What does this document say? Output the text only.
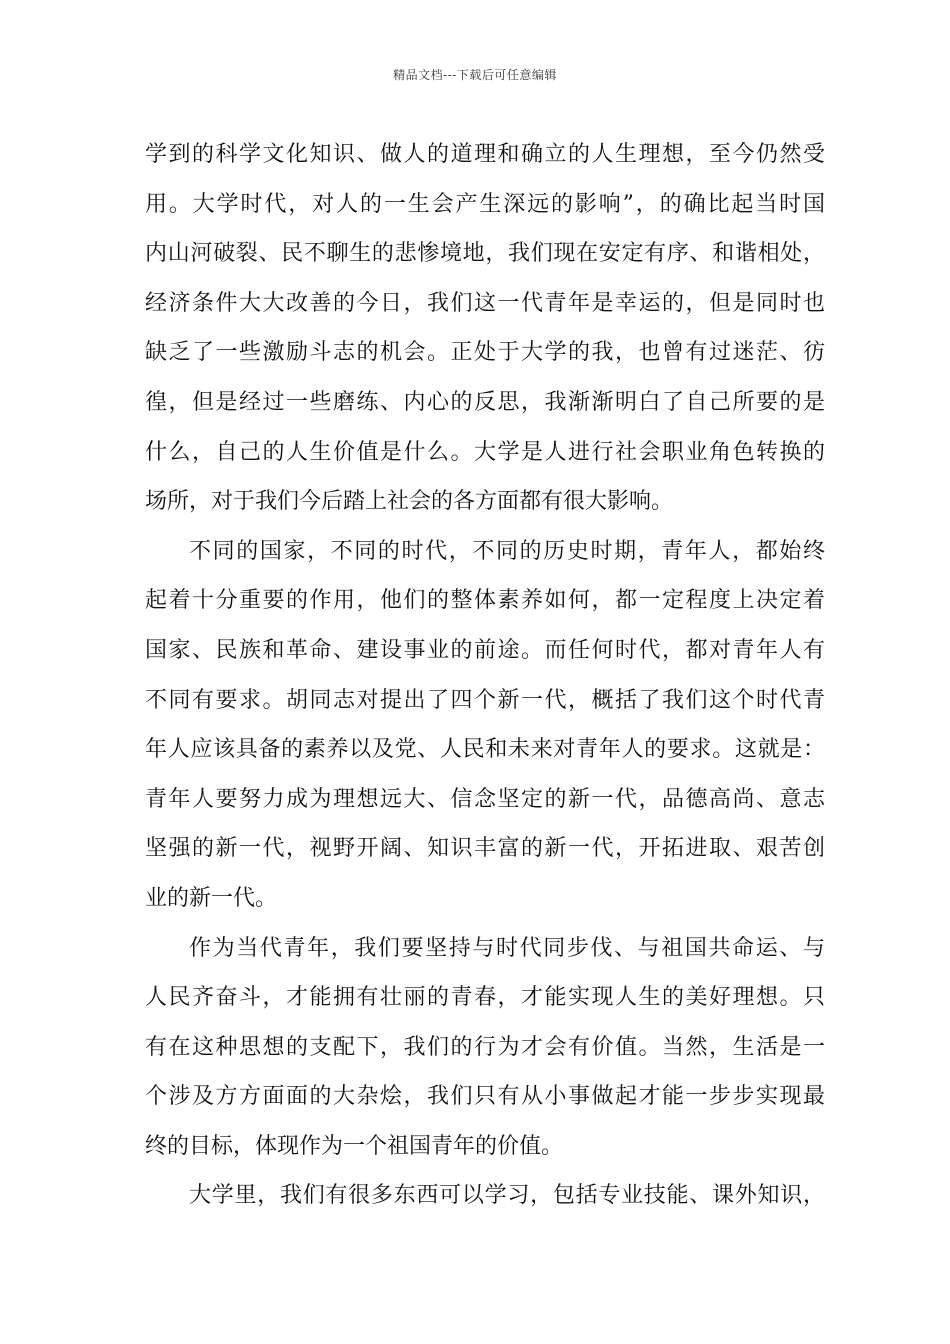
精品文档---下载后可任意编辑
学到的科学文化知识、做人的道理和确立的人生理想，至今仍然受
用。大学时代，对人的一生会产生深远的影响”，的确比起当时国
内山河破裂、民不聊生的悲惨境地，我们现在安定有序、和谐相处，
经济条件大大改善的今日，我们这一代青年是幸运的，但是同时也
缺乏了一些激励斗志的机会。正处于大学的我，也曾有过迷茫、彷
徨，但是经过一些磨练、内心的反思，我渐渐明白了自己所要的是
什么，自己的人生价值是什么。大学是人进行社会职业角色转换的
场所，对于我们今后踏上社会的各方面都有很大影响。
不同的国家，不同的时代，不同的历史时期，青年人，都始终
起着十分重要的作用，他们的整体素养如何，都一定程度上决定着
国家、民族和革命、建设事业的前途。而任何时代，都对青年人有
不同有要求。胡同志对提出了四个新一代，概括了我们这个时代青
年人应该具备的素养以及党、人民和未来对青年人的要求。这就是：
青年人要努力成为理想远大、信念坚定的新一代，品德高尚、意志
坚强的新一代，视野开阔、知识丰富的新一代，开拓进取、艰苦创
业的新一代。
作为当代青年，我们要坚持与时代同步伐、与祖国共命运、与
人民齐奋斗，才能拥有壮丽的青春，才能实现人生的美好理想。只
有在这种思想的支配下，我们的行为才会有价值。当然，生活是一
个涉及方方面面的大杂烩，我们只有从小事做起才能一步步实现最
终的目标，体现作为一个祖国青年的价值。
大学里，我们有很多东西可以学习，包括专业技能、课外知识，
